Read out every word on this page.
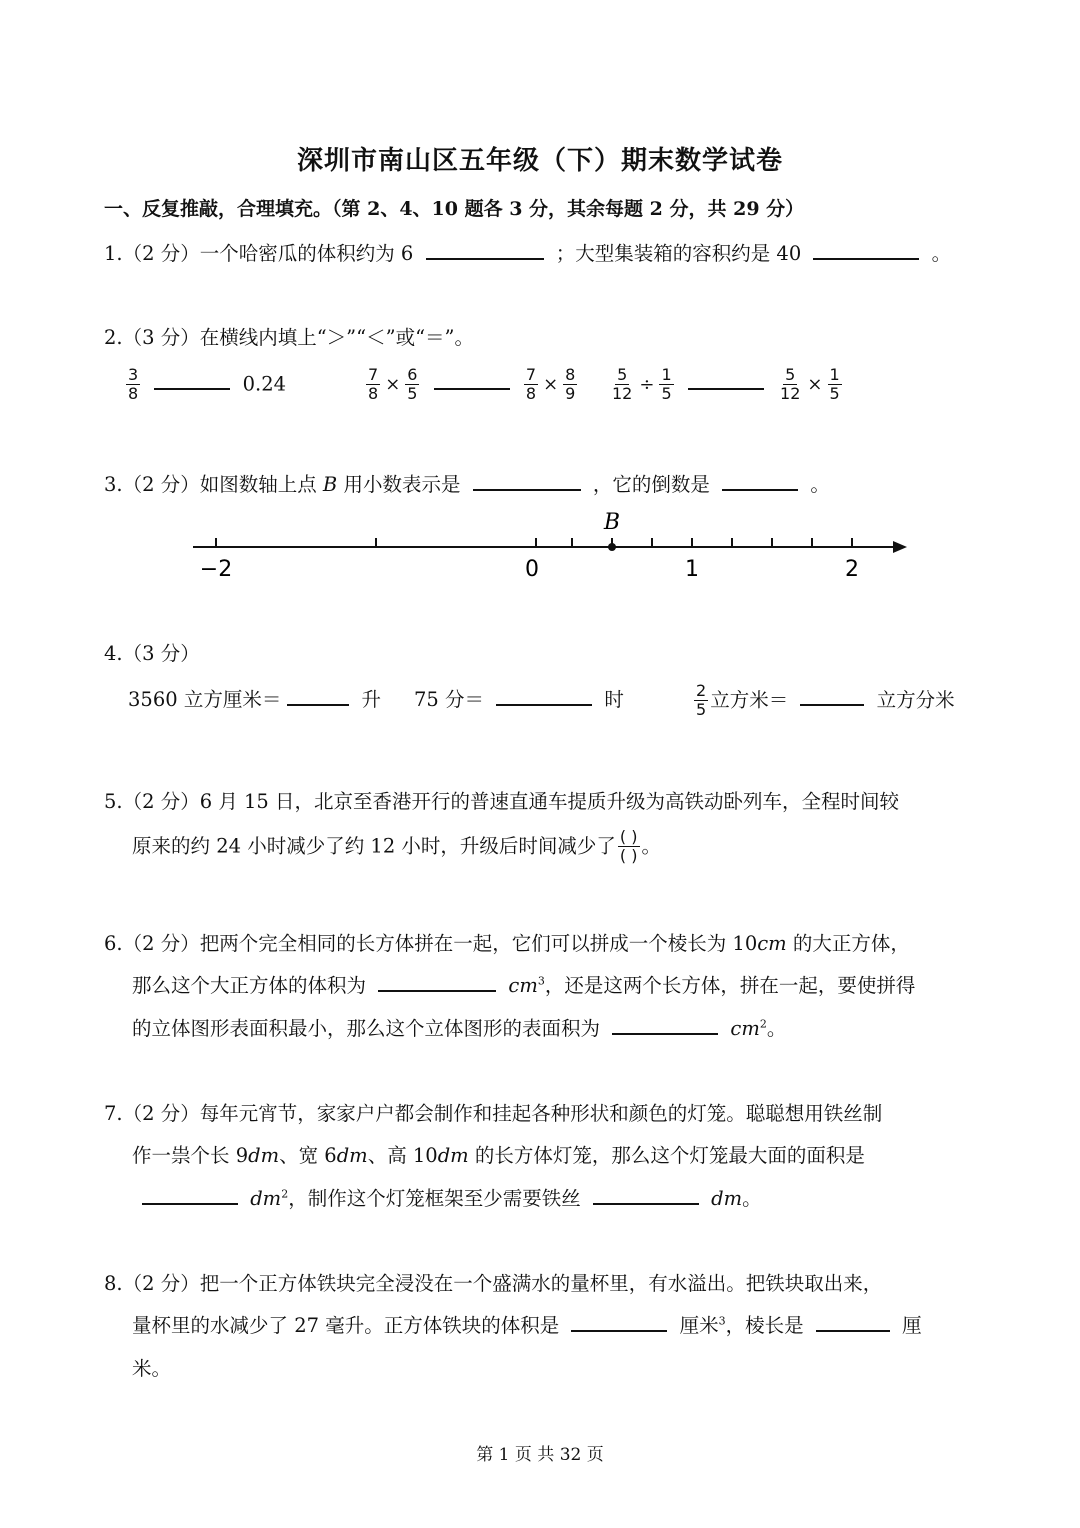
深圳市南山区五年级（下）期末数学试卷
一、反复推敲，合理填充。（第 2、4、10 题各 3 分，其余每题 2 分，共 29 分）
1.（2 分）一个哈密瓜的体积约为 6	；大型集装箱的容积约是 40	。
2.（3 分）在横线内填上“＞”“＜”或“＝”。
$\frac{3}{8}$	0.24	$\frac{7}{8} \times \frac{6}{5}$
	$\frac{7}{8} \times \frac{8}{9} \frac{5}{12} \div \frac{1}{5}$
	$\frac{5}{12} \times \frac{1}{5}$
3.（2 分）如图数轴上点 B 用小数表示是	，它的倒数是	。
B
−2	0	1	2
4.（3 分）
3560 立方厘米＝	升 75 分＝	时	$\frac{2}{5}$ 立方米＝	立方分米
5.（2 分）6 月 15 日，北京至香港开行的普速直通车提质升级为高铁动卧列车，全程时间较
原来的约 24 小时减少了约 12 小时，升级后时间减少了 $\frac{( )}{( )}$ 。
6.（2 分）把两个完全相同的长方体拼在一起，它们可以拼成一个棱长为 10cm 的大正方体，
那么这个大正方体的体积为	$cm^3$，还是这两个长方体，拼在一起，要使拼得
的立体图形表面积最小，那么这个立体图形的表面积为	$cm^2$。
7.（2 分）每年元宵节，家家户户都会制作和挂起各种形状和颜色的灯笼。聪聪想用铁丝制
作一祟个长 9dm、宽 6dm、高 10dm 的长方体灯笼，那么这个灯笼最大面的面积是
$dm^2$，制作这个灯笼框架至少需要铁丝	dm。
8.（2 分）把一个正方体铁块完全浸没在一个盛满水的量杯里，有水溢出。把铁块取出来，
量杯里的水减少了 27 毫升。正方体铁块的体积是	厘米$^3$，棱长是	厘
米。
第 1 页 共 32 页
